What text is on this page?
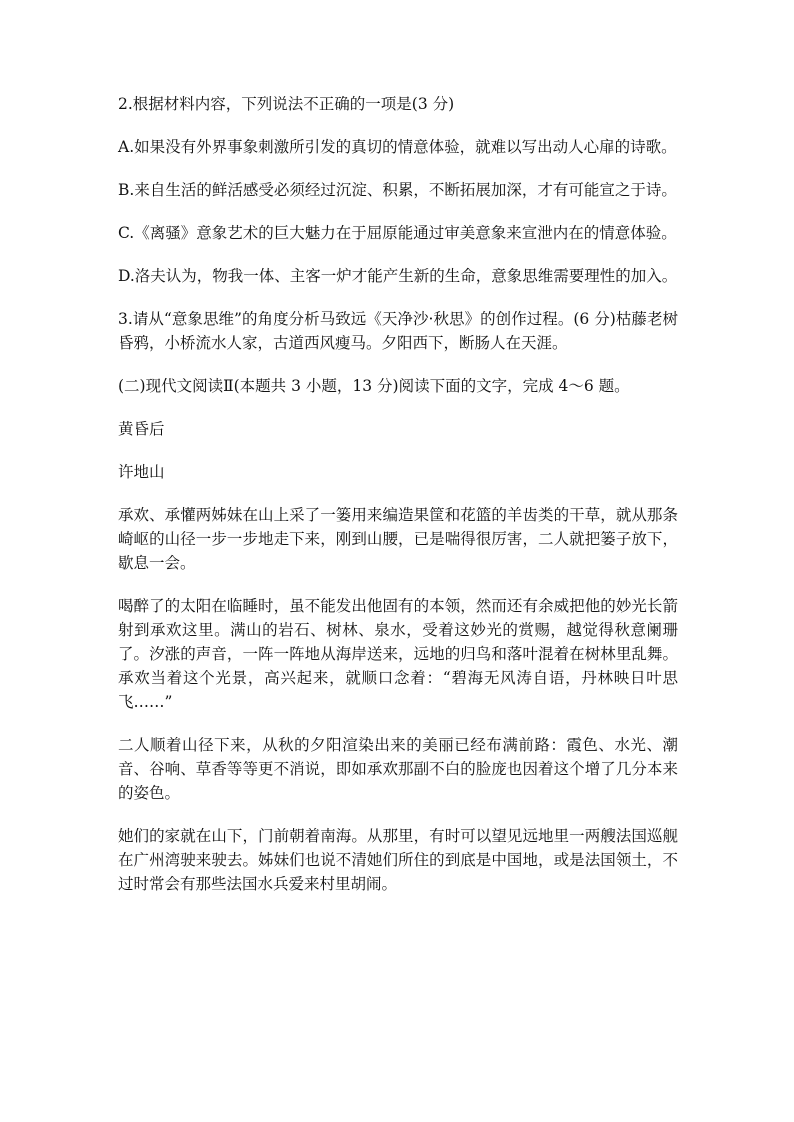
2.根据材料内容，下列说法不正确的一项是(3 分)

A.如果没有外界事象刺激所引发的真切的情意体验，就难以写出动人心扉的诗歌。

B.来自生活的鲜活感受必须经过沉淀、积累，不断拓展加深，才有可能宣之于诗。

C.《离骚》意象艺术的巨大魅力在于屈原能通过审美意象来宣泄内在的情意体验。

D.洛夫认为，物我一体、主客一炉才能产生新的生命，意象思维需要理性的加入。

3.请从“意象思维”的角度分析马致远《天净沙·秋思》的创作过程。(6 分)枯藤老树昏鸦，小桥流水人家，古道西风瘦马。夕阳西下，断肠人在天涯。

(二)现代文阅读Ⅱ(本题共 3 小题，13 分)阅读下面的文字，完成 4～6 题。

黄昏后

许地山

承欢、承懽两姊妹在山上采了一篓用来编造果筐和花篮的羊齿类的干草，就从那条崎岖的山径一步一步地走下来，刚到山腰，已是喘得很厉害，二人就把篓子放下，歇息一会。

喝醉了的太阳在临睡时，虽不能发出他固有的本领，然而还有余威把他的妙光长箭射到承欢这里。满山的岩石、树林、泉水，受着这妙光的赏赐，越觉得秋意阑珊了。汐涨的声音，一阵一阵地从海岸送来，远地的归鸟和落叶混着在树林里乱舞。承欢当着这个光景，高兴起来，就顺口念着：“碧海无风涛自语，丹林映日叶思飞……”

二人顺着山径下来，从秋的夕阳渲染出来的美丽已经布满前路：霞色、水光、潮音、谷响、草香等等更不消说，即如承欢那副不白的脸庞也因着这个增了几分本来的姿色。

她们的家就在山下，门前朝着南海。从那里，有时可以望见远地里一两艘法国巡舰在广州湾驶来驶去。姊妹们也说不清她们所住的到底是中国地，或是法国领土，不过时常会有那些法国水兵爱来村里胡闹。
